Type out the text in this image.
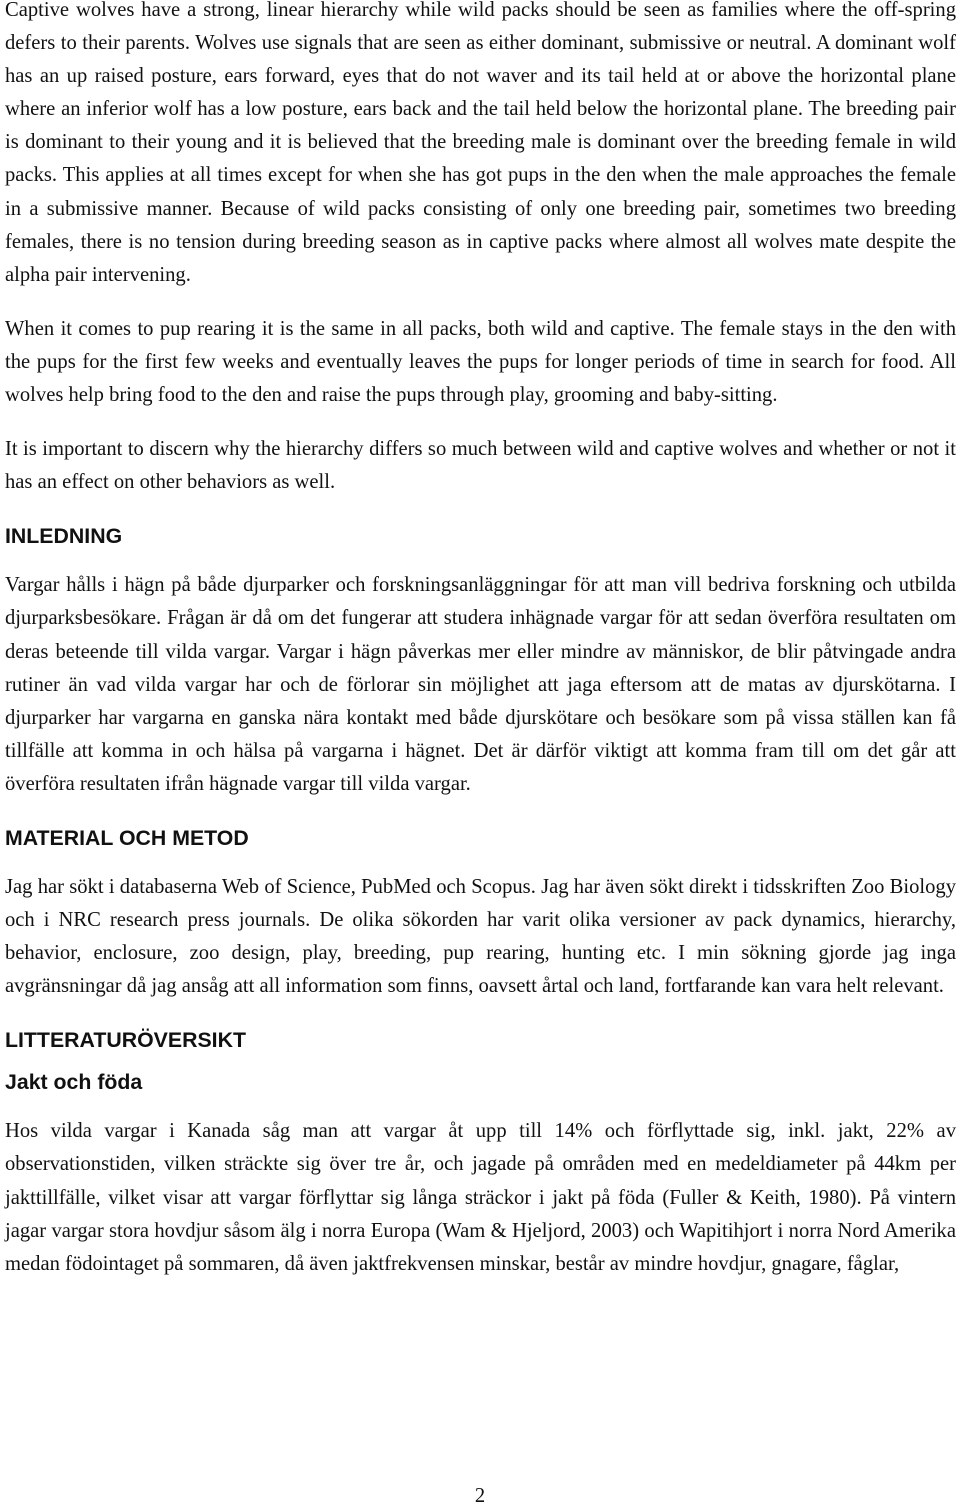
Captive wolves have a strong, linear hierarchy while wild packs should be seen as families where the off-spring defers to their parents. Wolves use signals that are seen as either dominant, submissive or neutral. A dominant wolf has an up raised posture, ears forward, eyes that do not waver and its tail held at or above the horizontal plane where an inferior wolf has a low posture, ears back and the tail held below the horizontal plane. The breeding pair is dominant to their young and it is believed that the breeding male is dominant over the breeding female in wild packs. This applies at all times except for when she has got pups in the den when the male approaches the female in a submissive manner. Because of wild packs consisting of only one breeding pair, sometimes two breeding females, there is no tension during breeding season as in captive packs where almost all wolves mate despite the alpha pair intervening.

When it comes to pup rearing it is the same in all packs, both wild and captive. The female stays in the den with the pups for the first few weeks and eventually leaves the pups for longer periods of time in search for food. All wolves help bring food to the den and raise the pups through play, grooming and baby-sitting.

It is important to discern why the hierarchy differs so much between wild and captive wolves and whether or not it has an effect on other behaviors as well.

INLEDNING

Vargar hålls i hägn på både djurparker och forskningsanläggningar för att man vill bedriva forskning och utbilda djurparksbesökare. Frågan är då om det fungerar att studera inhägnade vargar för att sedan överföra resultaten om deras beteende till vilda vargar. Vargar i hägn påverkas mer eller mindre av människor, de blir påtvingade andra rutiner än vad vilda vargar har och de förlorar sin möjlighet att jaga eftersom att de matas av djurskötarna. I djurparker har vargarna en ganska nära kontakt med både djurskötare och besökare som på vissa ställen kan få tillfälle att komma in och hälsa på vargarna i hägnet. Det är därför viktigt att komma fram till om det går att överföra resultaten ifrån hägnade vargar till vilda vargar.

MATERIAL OCH METOD

Jag har sökt i databaserna Web of Science, PubMed och Scopus. Jag har även sökt direkt i tidsskriften Zoo Biology och i NRC research press journals. De olika sökorden har varit olika versioner av pack dynamics, hierarchy, behavior, enclosure, zoo design, play, breeding, pup rearing, hunting etc. I min sökning gjorde jag inga avgränsningar då jag ansåg att all information som finns, oavsett årtal och land, fortfarande kan vara helt relevant.

LITTERATURÖVERSIKT
Jakt och föda

Hos vilda vargar i Kanada såg man att vargar åt upp till 14% och förflyttade sig, inkl. jakt, 22% av observationstiden, vilken sträckte sig över tre år, och jagade på områden med en medeldiameter på 44km per jakttillfälle, vilket visar att vargar förflyttar sig långa sträckor i jakt på föda (Fuller & Keith, 1980). På vintern jagar vargar stora hovdjur såsom älg i norra Europa (Wam & Hjeljord, 2003) och Wapitihjort i norra Nord Amerika medan födointaget på sommaren, då även jaktfrekvensen minskar, består av mindre hovdjur, gnagare, fåglar,

2
